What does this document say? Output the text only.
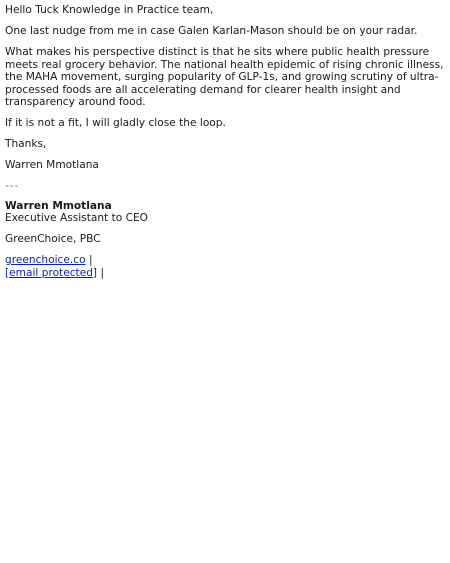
Hello Tuck Knowledge in Practice team,

One last nudge from me in case Galen Karlan-Mason should be on your radar.

What makes his perspective distinct is that he sits where public health pressure meets real grocery behavior. The national health epidemic of rising chronic illness, the MAHA movement, surging popularity of GLP-1s, and growing scrutiny of ultra-processed foods are all accelerating demand for clearer health insight and transparency around food.

If it is not a fit, I will gladly close the loop.

Thanks,

Warren Mmotlana

---

Warren Mmotlana

Executive Assistant to CEO

GreenChoice, PBC

greenchoice.co |
[email protected] |
